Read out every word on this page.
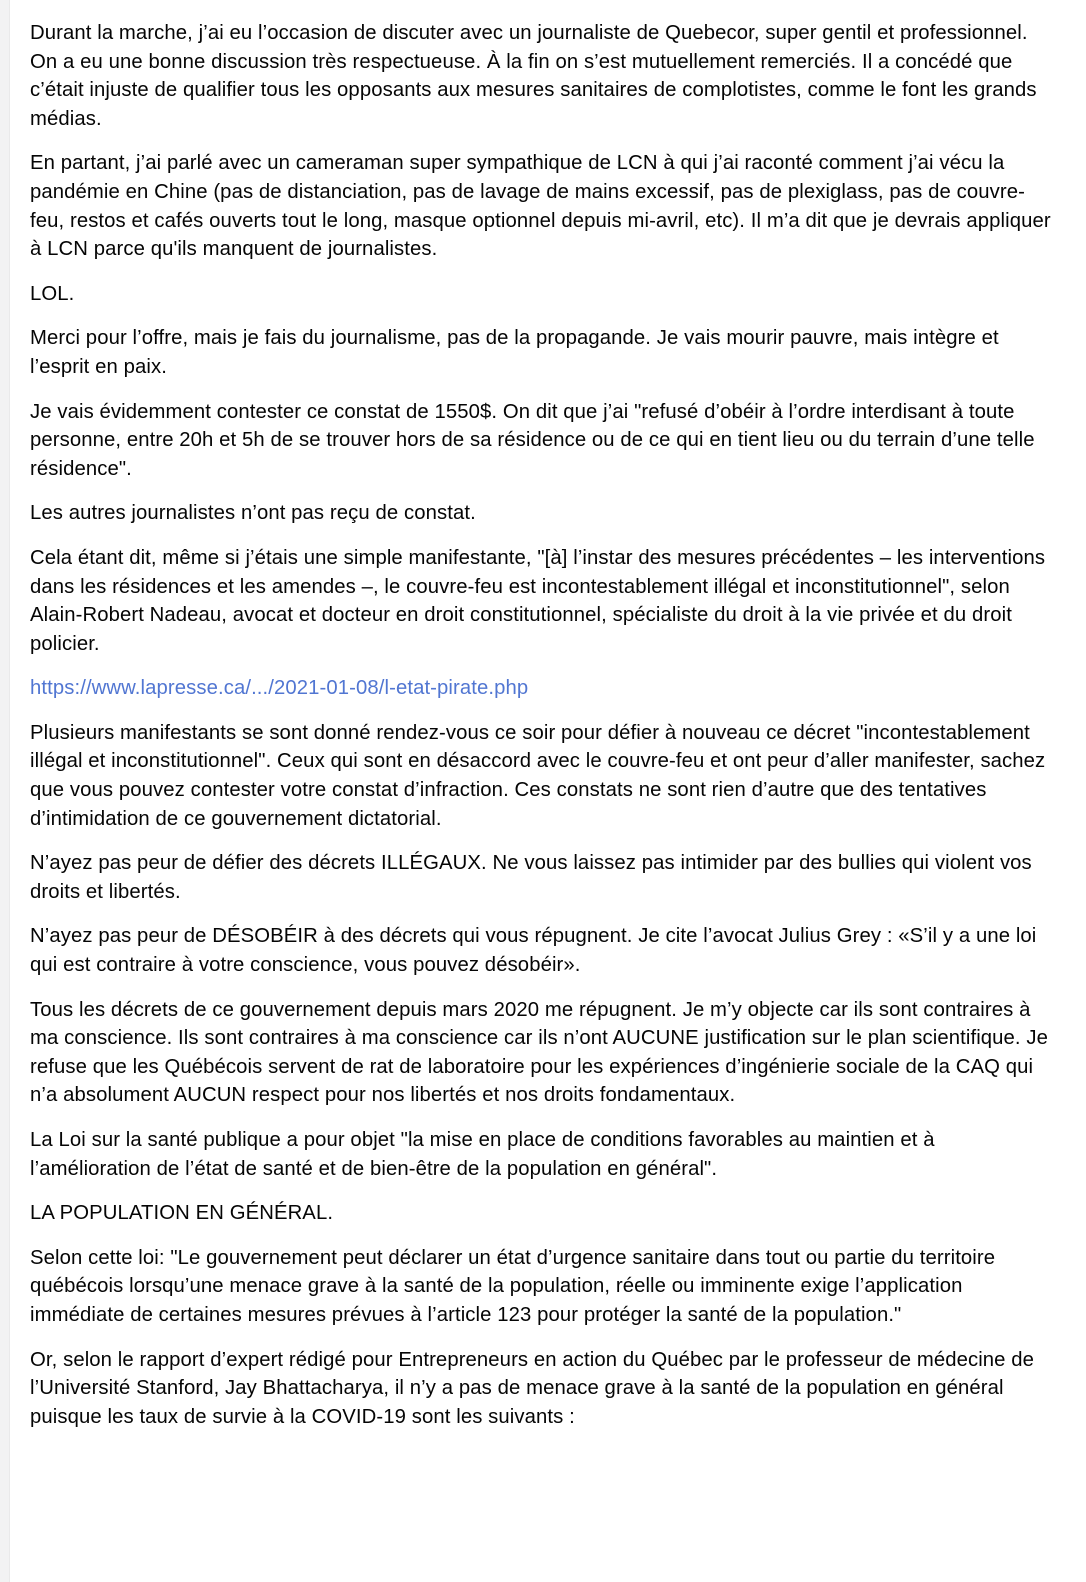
Durant la marche, j’ai eu l’occasion de discuter avec un journaliste de Quebecor, super gentil et professionnel. On a eu une bonne discussion très respectueuse. À la fin on s’est mutuellement remerciés. Il a concédé que c’était injuste de qualifier tous les opposants aux mesures sanitaires de complotistes, comme le font les grands médias.

En partant, j’ai parlé avec un cameraman super sympathique de LCN à qui j’ai raconté comment j’ai vécu la pandémie en Chine (pas de distanciation, pas de lavage de mains excessif, pas de plexiglass, pas de couvre-feu, restos et cafés ouverts tout le long, masque optionnel depuis mi-avril, etc). Il m’a dit que je devrais appliquer à LCN parce qu'ils manquent de journalistes.

LOL.

Merci pour l’offre, mais je fais du journalisme, pas de la propagande. Je vais mourir pauvre, mais intègre et l’esprit en paix.

Je vais évidemment contester ce constat de 1550$. On dit que j’ai "refusé d’obéir à l’ordre interdisant à toute personne, entre 20h et 5h de se trouver hors de sa résidence ou de ce qui en tient lieu ou du terrain d’une telle résidence".

Les autres journalistes n’ont pas reçu de constat.

Cela étant dit, même si j’étais une simple manifestante, "[à] l’instar des mesures précédentes – les interventions dans les résidences et les amendes –, le couvre-feu est incontestablement illégal et inconstitutionnel", selon Alain-Robert Nadeau, avocat et docteur en droit constitutionnel, spécialiste du droit à la vie privée et du droit policier.

https://www.lapresse.ca/.../2021-01-08/l-etat-pirate.php

Plusieurs manifestants se sont donné rendez-vous ce soir pour défier à nouveau ce décret "incontestablement illégal et inconstitutionnel". Ceux qui sont en désaccord avec le couvre-feu et ont peur d’aller manifester, sachez que vous pouvez contester votre constat d’infraction. Ces constats ne sont rien d’autre que des tentatives d’intimidation de ce gouvernement dictatorial.

N’ayez pas peur de défier des décrets ILLÉGAUX. Ne vous laissez pas intimider par des bullies qui violent vos droits et libertés.

N’ayez pas peur de DÉSOBÉIR à des décrets qui vous répugnent. Je cite l’avocat Julius Grey : «S’il y a une loi qui est contraire à votre conscience, vous pouvez désobéir».

Tous les décrets de ce gouvernement depuis mars 2020 me répugnent. Je m’y objecte car ils sont contraires à ma conscience. Ils sont contraires à ma conscience car ils n’ont AUCUNE justification sur le plan scientifique. Je refuse que les Québécois servent de rat de laboratoire pour les expériences d’ingénierie sociale de la CAQ qui n’a absolument AUCUN respect pour nos libertés et nos droits fondamentaux.

La Loi sur la santé publique a pour objet "la mise en place de conditions favorables au maintien et à l’amélioration de l’état de santé et de bien-être de la population en général".

LA POPULATION EN GÉNÉRAL.

Selon cette loi: "Le gouvernement peut déclarer un état d’urgence sanitaire dans tout ou partie du territoire québécois lorsqu’une menace grave à la santé de la population, réelle ou imminente exige l’application immédiate de certaines mesures prévues à l’article 123 pour protéger la santé de la population."

Or, selon le rapport d’expert rédigé pour Entrepreneurs en action du Québec par le professeur de médecine de l’Université Stanford, Jay Bhattacharya, il n’y a pas de menace grave à la santé de la population en général puisque les taux de survie à la COVID-19 sont les suivants :
